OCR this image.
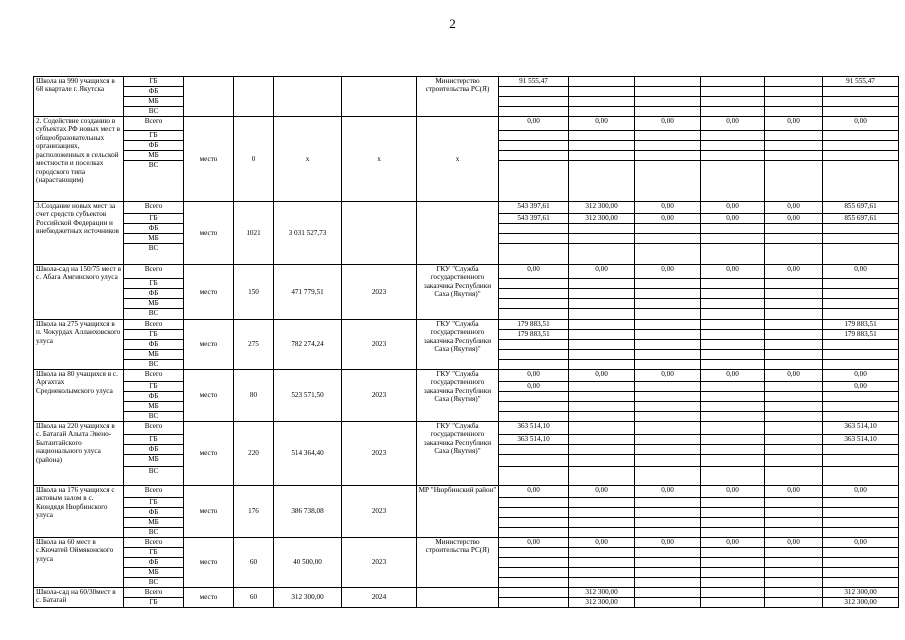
2
Школа на 990 учащихся в 68 квартале г. Якутска	ГБ					Министерство строительства РС(Я)	91 555,47					91 555,47
	ФБ											
	МБ											
	ВС											
2. Содействие созданию в субъектах РФ новых мест в общеобразовательных организациях, расположенных в сельской местности и поселках городского типа (нарастающим)	Всего	место	0	х	х	х	0,00	0,00	0,00	0,00	0,00	0,00
	ГБ											
	ФБ											
	МБ											
	ВС											
3.Создание новых мест за счет средств субъектов Российской Федерации и внебюджетных источников	Всего	место	1021	3 031 527,73			543 397,61	312 300,00	0,00	0,00	0,00	855 697,61
	ГБ						543 397,61	312 300,00	0,00	0,00	0,00	855 697,61
	ФБ											
	МБ											
	ВС											
Школа-сад на 150/75 мест в с. Абага Амгинского улуса	Всего	место	150	471 779,51	2023	ГКУ "Служба государственного заказчика Республики Саха (Якутия)"	0,00	0,00	0,00	0,00	0,00	0,00
	ГБ											
	ФБ											
	МБ											
	ВС											
Школа на 275 учащихся в п. Чокурдах Аллаиховского улуса	Всего	место	275	782 274,24	2023	ГКУ "Служба государственного заказчика Республики Саха (Якутия)"	179 883,51					179 883,51
	ГБ						179 883,51					179 883,51
	ФБ											
	МБ											
	ВС											
Школа на 80 учащихся в с. Аргахтах Среднеколымского улуса	Всего	место	80	523 571,50	2023	ГКУ "Служба государственного заказчика Республики Саха (Якутия)"	0,00	0,00	0,00	0,00	0,00	0,00
	ГБ						0,00					0,00
	ФБ											
	МБ											
	ВС											
Школа на 220 учащихся в с. Батагай Алыта Эвено-Бытантайского национального улуса (района)	Всего	место	220	514 364,40	2023	ГКУ "Служба государственного заказчика Республики Саха (Якутия)"	363 514,10					363 514,10
	ГБ						363 514,10					363 514,10
	ФБ											
	МБ											
	ВС											
Школа на 176 учащихся с актовым залом в с. Кюндядя Нюрбинского улуса	Всего	место	176	386 738,08	2023	МР "Нюрбинский район"	0,00	0,00	0,00	0,00	0,00	0,00
	ГБ											
	ФБ											
	МБ											
	ВС											
Школа на 60 мест в с.Кючатей Оймяконского улуса	Всего	место	60	40 500,00	2023	Министерство строительства РС(Я)	0,00	0,00	0,00	0,00	0,00	0,00
	ГБ											
	ФБ											
	МБ											
	ВС											
Школа-сад на 60/30мест в с. Батагай	Всего	место	60	312 300,00	2024			312 300,00				312 300,00
	ГБ							312 300,00				312 300,00
